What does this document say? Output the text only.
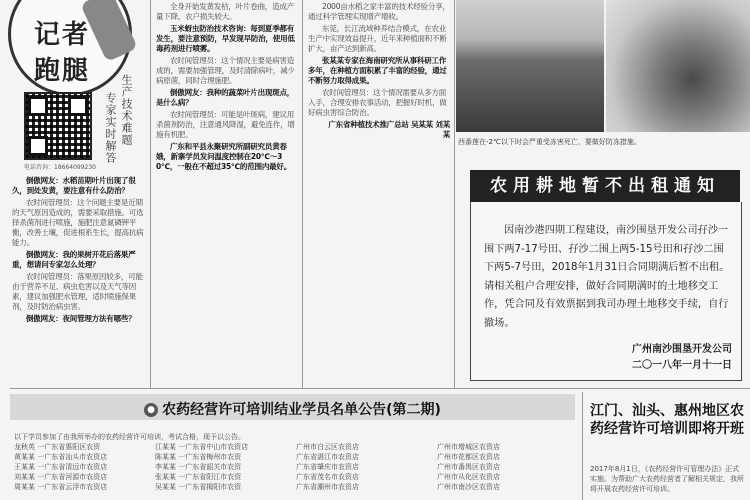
记者
跑腿
生产技术难题
专家实时解答
电话咨询：18664099230

倒傲网友：水稻苗期叶片出现了很久，到处发黄，要注意有什么防治？

农时间管理员：这个问题主要是近期的天气原因造成的，需要采取措施。可选择杀菌剂进行喷施，施肥注意氮磷钾平衡，改善土壤，促进根系生长，提高抗病能力。

倒傲网友：我的果树开花后落果严重，想请问专家怎么处理？

农时间管理员：落果原因较多，可能由于营养不足、病虫危害以及天气等因素，建议加强肥水管理，适时喷施保果剂，及时防治病虫害。

倒傲网友：夜间管理方法有哪些？

全身开始发黄发枯，叶片卷曲，造成产量下降，农户损失较大。

玉米蚜虫防治技术咨询：每到夏季都有发生，要注意预防，早发现早防治，使用低毒药剂进行喷雾。

农时间管理员：这个情况主要是病害造成的，需要加强管理，及时清除病叶，减少病原菌，同时合理施肥。

倒傲网友：我种的蔬菜叶片出现斑点，是什么病？

农时间管理员：可能是叶斑病，建议用杀菌剂防治，注意通风降湿，避免连作，增施有机肥。

广东和平县永聚研究所副研究员黄春娥，新寨学员发问温度控制在20℃～30℃，一般在不超过35℃的范围内最好。

2000亩水稻之家丰富的技术经验分享，通过科学管理实现增产增收。

东莞，长江流域种养结合模式，在农业生产中实现效益提升，近年来种植面积不断扩大，亩产达到新高。

张某某专家在海南研究所从事科研工作多年，在种植方面积累了丰富的经验，通过不断努力取得成果。

农时间管理员：这个情况需要从多方面入手，合理安排农事活动，把握好时机，做好病虫害综合防治。

广东省种植技术推广总站 吴某某 刘某某

西番莲在-2℃以下时会严重受冻害死亡，要做好防冻措施。
农用耕地暂不出租通知
因南沙港四期工程建设，南沙围垦开发公司孖沙一围下两7-17号田、孖沙二围上两5-15号田和孖沙二围下两5-7号田，2018年1月31日合同期满后暂不出租。请相关租户合理安排，做好合同期满时的土地移交工作，凭合同及有效票据到我司办理土地移交手续，自行撤场。
广州南沙围垦开发公司
二〇一八年一月十一日
● 农药经营许可培训结业学员名单公告(第二期)
以下学员参加了由我所举办的农药经营许可培训，考试合格，现予以公告。
龙秋英 一广东省惠阳区农资	江某某 一广东省中山市农资店	广州市白云区农资店	广州市增城区农资店
黄某某 一广东省汕头市农资店	陈某某 一广东省梅州市农资	广东省湛江市农资店	广州市花都区农资店
王某某 一广东省清远市农资店	李某某 一广东省韶关市农资	广东省肇庆市农资店	广州市番禺区农资店
刘某某 一广东省河源市农资店	张某某 一广东省阳江市农资	广东省茂名市农资店	广州市从化区农资店
周某某 一广东省云浮市农资店	吴某某 一广东省揭阳市农资	广东省潮州市农资店	广州市南沙区农资店
江门、汕头、惠州地区农药经营许可培训即将开班
2017年8月1日，《农药经营许可管理办法》正式实施。为帮助广大农药经营者了解相关规定，我所将开展农药经营许可培训。
